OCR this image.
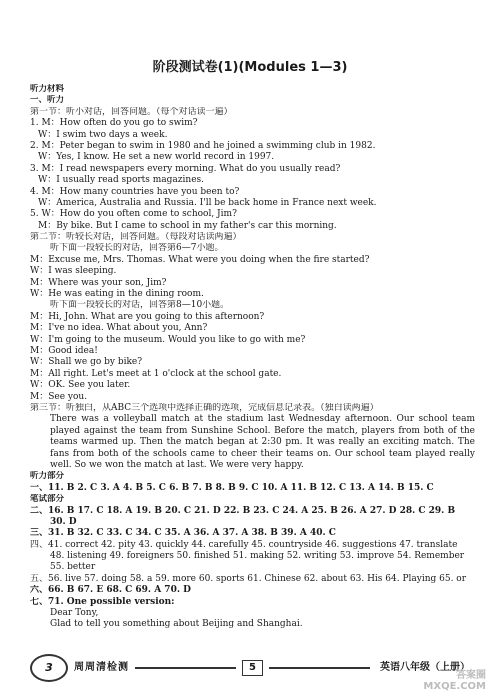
阶段测试卷(1)(Modules 1—3)
听力材料
一、听力
第一节：听小对话，回答问题。（每个对话读一遍）
1. M：How often do you go to swim?
W：I swim two days a week.
2. M：Peter began to swim in 1980 and he joined a swimming club in 1982.
W：Yes, I know. He set a new world record in 1997.
3. M：I read newspapers every morning. What do you usually read?
W：I usually read sports magazines.
4. M：How many countries have you been to?
W：America, Australia and Russia. I'll be back home in France next week.
5. W：How do you often come to school, Jim?
M：By bike. But I came to school in my father's car this morning.
第二节：听较长对话，回答问题。（每段对话读两遍）
听下面一段较长的对话，回答第6—7小题。
M：Excuse me, Mrs. Thomas. What were you doing when the fire started?
W：I was sleeping.
M：Where was your son, Jim?
W：He was eating in the dining room.
听下面一段较长的对话，回答第8—10小题。
M：Hi, John. What are you going to this afternoon?
M：I've no idea. What about you, Ann?
W：I'm going to the museum. Would you like to go with me?
M：Good idea!
W：Shall we go by bike?
M：All right. Let's meet at 1 o'clock at the school gate.
W：OK. See you later.
M：See you.
第三节：听独白，从ABC三个选项中选择正确的选项，完成信息记录表。（独白读两遍）
There was a volleyball match at the stadium last Wednesday afternoon. Our school team played against the team from Sunshine School. Before the match, players from both of the teams warmed up. Then the match began at 2:30 pm. It was really an exciting match. The fans from both of the schools came to cheer their teams on. Our school team played really well. So we won the match at last. We were very happy.
听力部分
一、11. B 2. C 3. A 4. B 5. C 6. B 7. B 8. B 9. C 10. A 11. B 12. C 13. A 14. B 15. C
笔试部分
二、16. B 17. C 18. A 19. B 20. C 21. D 22. B 23. C 24. A 25. B 26. A 27. D 28. C 29. B
30. D
三、31. B 32. C 33. C 34. C 35. A 36. A 37. A 38. B 39. A 40. C
四、41. correct 42. pity 43. quickly 44. carefully 45. countryside 46. suggestions 47. translate
48. listening 49. foreigners 50. finished 51. making 52. writing 53. improve 54. Remember
55. better
五、56. live 57. doing 58. a 59. more 60. sports 61. Chinese 62. about 63. His 64. Playing 65. or
六、66. B 67. E 68. C 69. A 70. D
七、71. One possible version:
Dear Tony,
Glad to tell you something about Beijing and Shanghai.
3	周周清检测	5	英语八年级（上册）
答案圈
MXQE.COM
